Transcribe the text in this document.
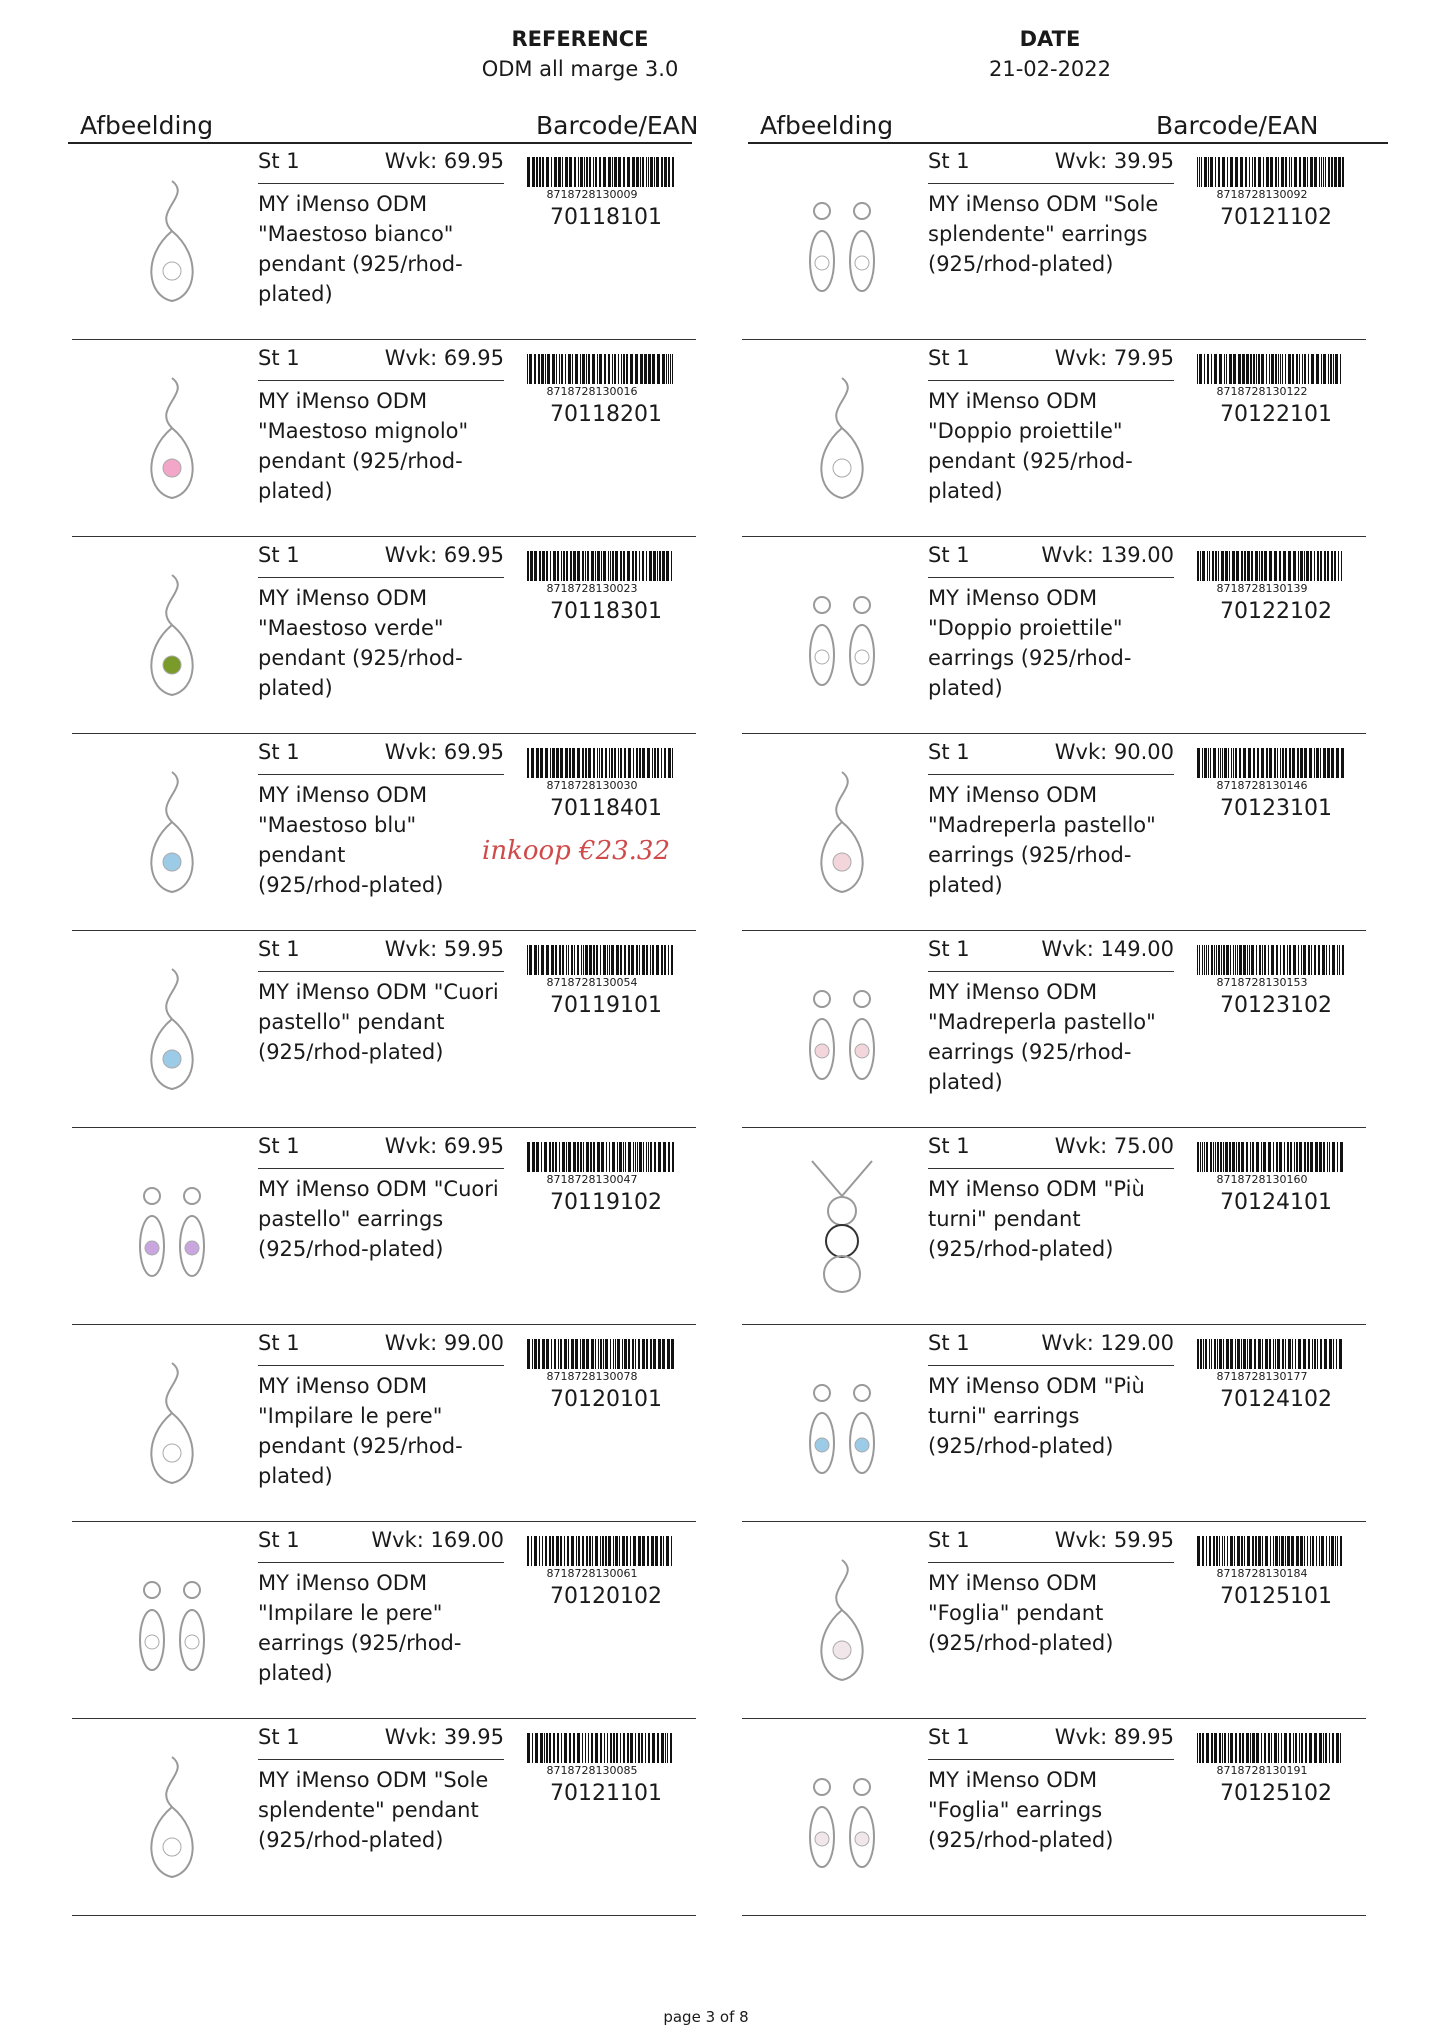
REFERENCE
ODM all marge 3.0
DATE
21-02-2022
Afbeelding	Barcode/EAN Afbeelding	Barcode/EAN
St 1	Wvk: 69.95
MY iMenso ODM
"Maestoso bianco"
pendant (925/rhod-
plated)
8718728130009
70118101
St 1	Wvk: 69.95
MY iMenso ODM
"Maestoso mignolo"
pendant (925/rhod-
plated)
8718728130016
70118201
St 1	Wvk: 69.95
MY iMenso ODM
"Maestoso verde"
pendant (925/rhod-
plated)
8718728130023
70118301
St 1	Wvk: 69.95
MY iMenso ODM
"Maestoso blu" pendant
(925/rhod-plated)
8718728130030
70118401
inkoop €23.32
St 1	Wvk: 59.95
MY iMenso ODM "Cuori
pastello" pendant
(925/rhod-plated)
8718728130054
70119101
St 1	Wvk: 69.95
MY iMenso ODM "Cuori
pastello" earrings
(925/rhod-plated)
8718728130047
70119102
St 1	Wvk: 99.00
MY iMenso ODM
"Impilare le pere"
pendant (925/rhod-
plated)
8718728130078
70120101
St 1	Wvk: 169.00
MY iMenso ODM
"Impilare le pere"
earrings (925/rhod-
plated)
8718728130061
70120102
St 1	Wvk: 39.95
MY iMenso ODM "Sole
splendente" pendant
(925/rhod-plated)
8718728130085
70121101
St 1	Wvk: 39.95
MY iMenso ODM "Sole
splendente" earrings
(925/rhod-plated)
8718728130092
70121102
St 1	Wvk: 79.95
MY iMenso ODM
"Doppio proiettile"
pendant (925/rhod-
plated)
8718728130122
70122101
St 1	Wvk: 139.00
MY iMenso ODM
"Doppio proiettile"
earrings (925/rhod-
plated)
8718728130139
70122102
St 1	Wvk: 90.00
MY iMenso ODM
"Madreperla pastello"
earrings (925/rhod-
plated)
8718728130146
70123101
St 1	Wvk: 149.00
MY iMenso ODM
"Madreperla pastello"
earrings (925/rhod-
plated)
8718728130153
70123102
St 1	Wvk: 75.00
MY iMenso ODM "Più
turni" pendant
(925/rhod-plated)
8718728130160
70124101
St 1	Wvk: 129.00
MY iMenso ODM "Più
turni" earrings
(925/rhod-plated)
8718728130177
70124102
St 1	Wvk: 59.95
MY iMenso ODM
"Foglia" pendant
(925/rhod-plated)
8718728130184
70125101
St 1	Wvk: 89.95
MY iMenso ODM
"Foglia" earrings
(925/rhod-plated)
8718728130191
70125102
page 3 of 8
